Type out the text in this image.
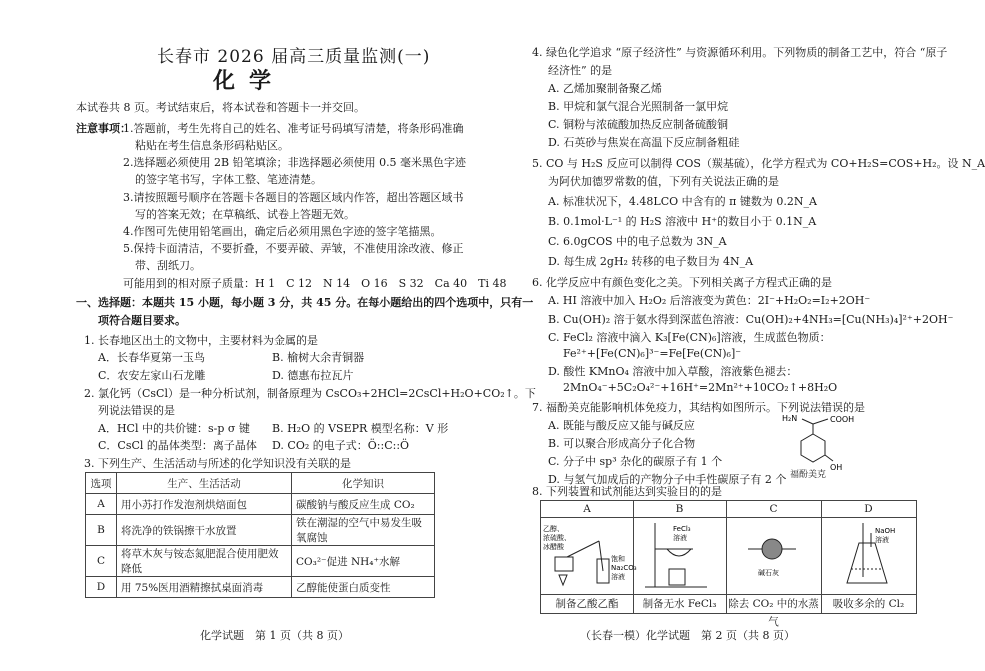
长春市 2026 届高三质量监测(一)
化学
本试卷共 8 页。考试结束后，将本试卷和答题卡一并交回。
注意事项：
1.答题前，考生先将自己的姓名、准考证号码填写清楚，将条形码准确
粘贴在考生信息条形码粘贴区。
2.选择题必须使用 2B 铅笔填涂；非选择题必须使用 0.5 毫米黑色字迹
的签字笔书写，字体工整、笔迹清楚。
3.请按照题号顺序在答题卡各题目的答题区域内作答，超出答题区域书
写的答案无效；在草稿纸、试卷上答题无效。
4.作图可先使用铅笔画出，确定后必须用黑色字迹的签字笔描黑。
5.保持卡面清洁，不要折叠，不要弄破、弄皱，不准使用涂改液、修正
带、刮纸刀。
可能用到的相对原子质量：H 1　C 12　N 14　O 16　S 32　Ca 40　Ti 48
一、选择题：本题共 15 小题，每小题 3 分，共 45 分。在每小题给出的四个选项中，只有一
项符合题目要求。
1. 长春地区出土的文物中，主要材料为金属的是
A．长春华夏第一玉鸟	B. 榆树大余青铜器
C．农安左家山石龙雕	D. 德惠布拉瓦片
2. 氯化钙（CsCl）是一种分析试剂，制备原理为 CsCO₃+2HCl=2CsCl+H₂O+CO₂↑。下
列说法错误的是
A．HCl 中的共价键：s-p σ 键 B. H₂O 的 VSEPR 模型名称：V 形
C．CsCl 的晶体类型：离子晶体 D. CO₂ 的电子式：Ö::C::Ö
3. 下列生产、生活活动与所述的化学知识没有关联的是
选项	生产、生活活动	化学知识
A	用小苏打作发泡剂烘焙面包	碳酸钠与酸反应生成 CO₂
B	将洗净的铁锅擦干水放置	铁在潮湿的空气中易发生吸氧腐蚀
C	将草木灰与铵态氮肥混合使用肥效降低	CO₃²⁻促进 NH₄⁺水解
D	用 75%医用酒精擦拭桌面消毒	乙醇能使蛋白质变性
化学试题　第 1 页（共 8 页）
4. 绿色化学追求 “原子经济性” 与资源循环利用。下列物质的制备工艺中，符合 “原子
经济性” 的是
A. 乙烯加聚制备聚乙烯
B. 甲烷和氯气混合光照制备一氯甲烷
C. 铜粉与浓硫酸加热反应制备硫酸铜
D. 石英砂与焦炭在高温下反应制备粗硅
5. CO 与 H₂S 反应可以制得 COS（羰基硫），化学方程式为 CO+H₂S=COS+H₂。设 N_A
为阿伏加德罗常数的值，下列有关说法正确的是
A. 标准状况下，4.48LCO 中含有的 π 键数为 0.2N_A
B. 0.1mol·L⁻¹ 的 H₂S 溶液中 H⁺的数目小于 0.1N_A
C. 6.0gCOS 中的电子总数为 3N_A
D. 每生成 2gH₂ 转移的电子数目为 4N_A
6. 化学反应中有颜色变化之美。下列相关离子方程式正确的是
A. HI 溶液中加入 H₂O₂ 后溶液变为黄色：2I⁻+H₂O₂=I₂+2OH⁻
B. Cu(OH)₂ 溶于氨水得到深蓝色溶液：Cu(OH)₂+4NH₃=[Cu(NH₃)₄]²⁺+2OH⁻
C. FeCl₂ 溶液中滴入 K₃[Fe(CN)₆]溶液，生成蓝色物质：
Fe²⁺+[Fe(CN)₆]³⁻=Fe[Fe(CN)₆]⁻
D. 酸性 KMnO₄ 溶液中加入草酸，溶液紫色褪去：
2MnO₄⁻+5C₂O₄²⁻+16H⁺=2Mn²⁺+10CO₂↑+8H₂O
7. 福酚美克能影响机体免疫力，其结构如图所示。下列说法错误的是
A. 既能与酸反应又能与碱反应
B. 可以聚合形成高分子化合物
C. 分子中 sp³ 杂化的碳原子有 1 个
D. 与氢气加成后的产物分子中手性碳原子有 2 个
H₂N	COOH
OH
福酚美克
8. 下列装置和试剂能达到实验目的的是
A
乙醇、
浓硫酸、
冰醋酸
饱和
Na₂CO₃
溶液
制备乙酸乙酯
B
FeCl₃
溶液
制备无水 FeCl₃
C
碱石灰
除去 CO₂ 中的水蒸气
D
NaOH
溶液
吸收多余的 Cl₂
（长春一模）化学试题　第 2 页（共 8 页）
